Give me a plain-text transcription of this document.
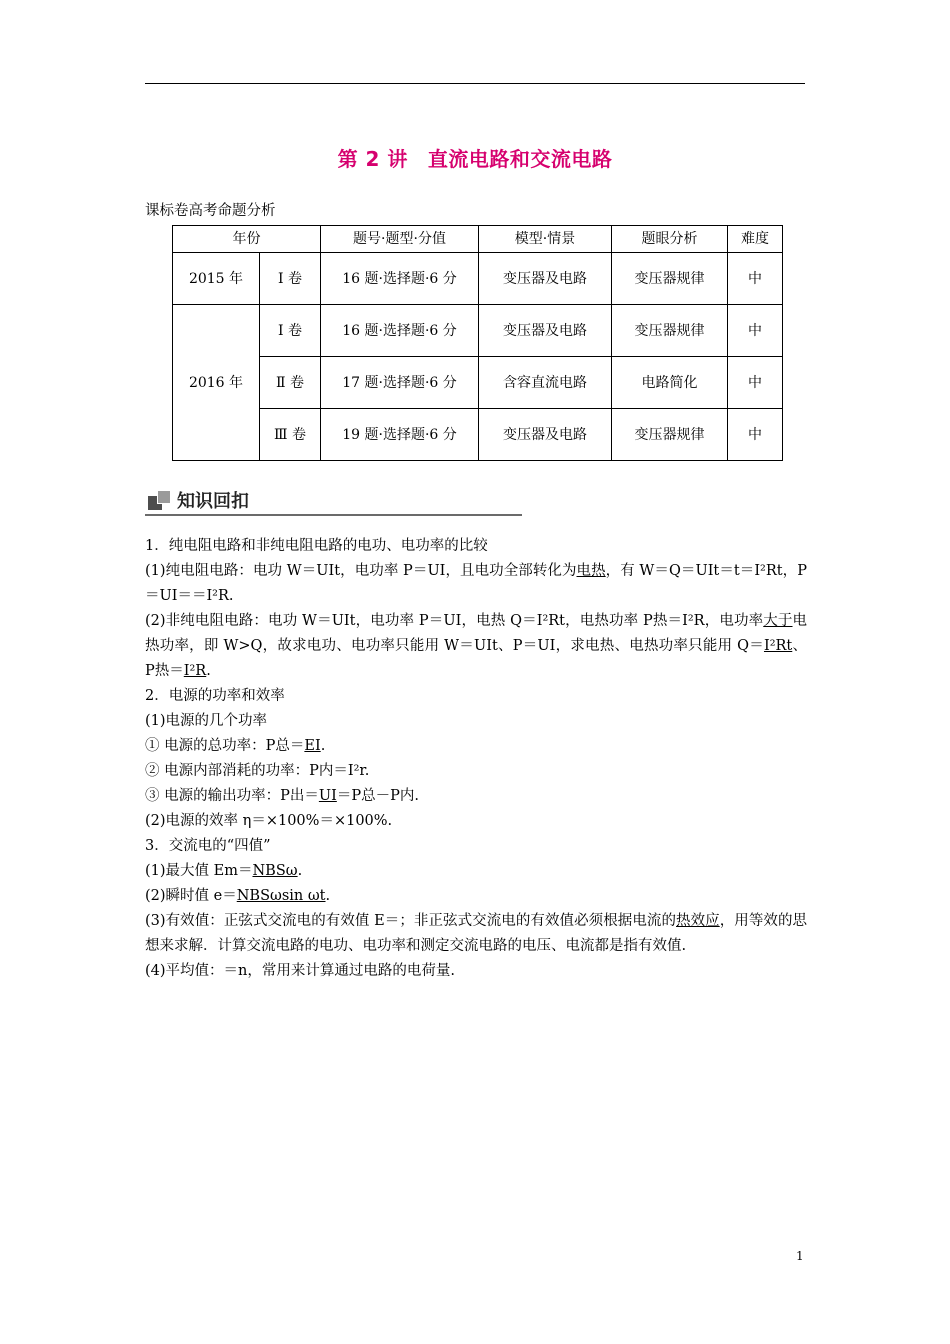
第 2 讲 直流电路和交流电路
课标卷高考命题分析
年份		题号·题型·分值	模型·情景	题眼分析	难度
2015 年	Ⅰ 卷	16 题·选择题·6 分	变压器及电路	变压器规律	中
2016 年	Ⅰ 卷	16 题·选择题·6 分	变压器及电路	变压器规律	中
	Ⅱ 卷	17 题·选择题·6 分	含容直流电路	电路简化	中
	Ⅲ 卷	19 题·选择题·6 分	变压器及电路	变压器规律	中
知识回扣

1．纯电阻电路和非纯电阻电路的电功、电功率的比较

(1)纯电阻电路：电功 W＝UIt，电功率 P＝UI，且电功全部转化为电热，有 W＝Q＝UIt＝t＝I²Rt，P＝UI＝＝I²R.

(2)非纯电阻电路：电功 W＝UIt，电功率 P＝UI，电热 Q＝I²Rt，电热功率 P热＝I²R，电功率大于电热功率，即 W>Q，故求电功、电功率只能用 W＝UIt、P＝UI，求电热、电热功率只能用 Q＝I²Rt、P热＝I²R.

2．电源的功率和效率

(1)电源的几个功率

① 电源的总功率：P总＝EI.

② 电源内部消耗的功率：P内＝I²r.

③ 电源的输出功率：P出＝UI＝P总－P内.

(2)电源的效率 η＝×100%＝×100%.

3．交流电的“四值”

(1)最大值 Em＝NBSω.

(2)瞬时值 e＝NBSωsin ωt.

(3)有效值：正弦式交流电的有效值 E＝；非正弦式交流电的有效值必须根据电流的热效应，用等效的思想来求解．计算交流电路的电功、电功率和测定交流电路的电压、电流都是指有效值.

(4)平均值：＝n，常用来计算通过电路的电荷量.

1
